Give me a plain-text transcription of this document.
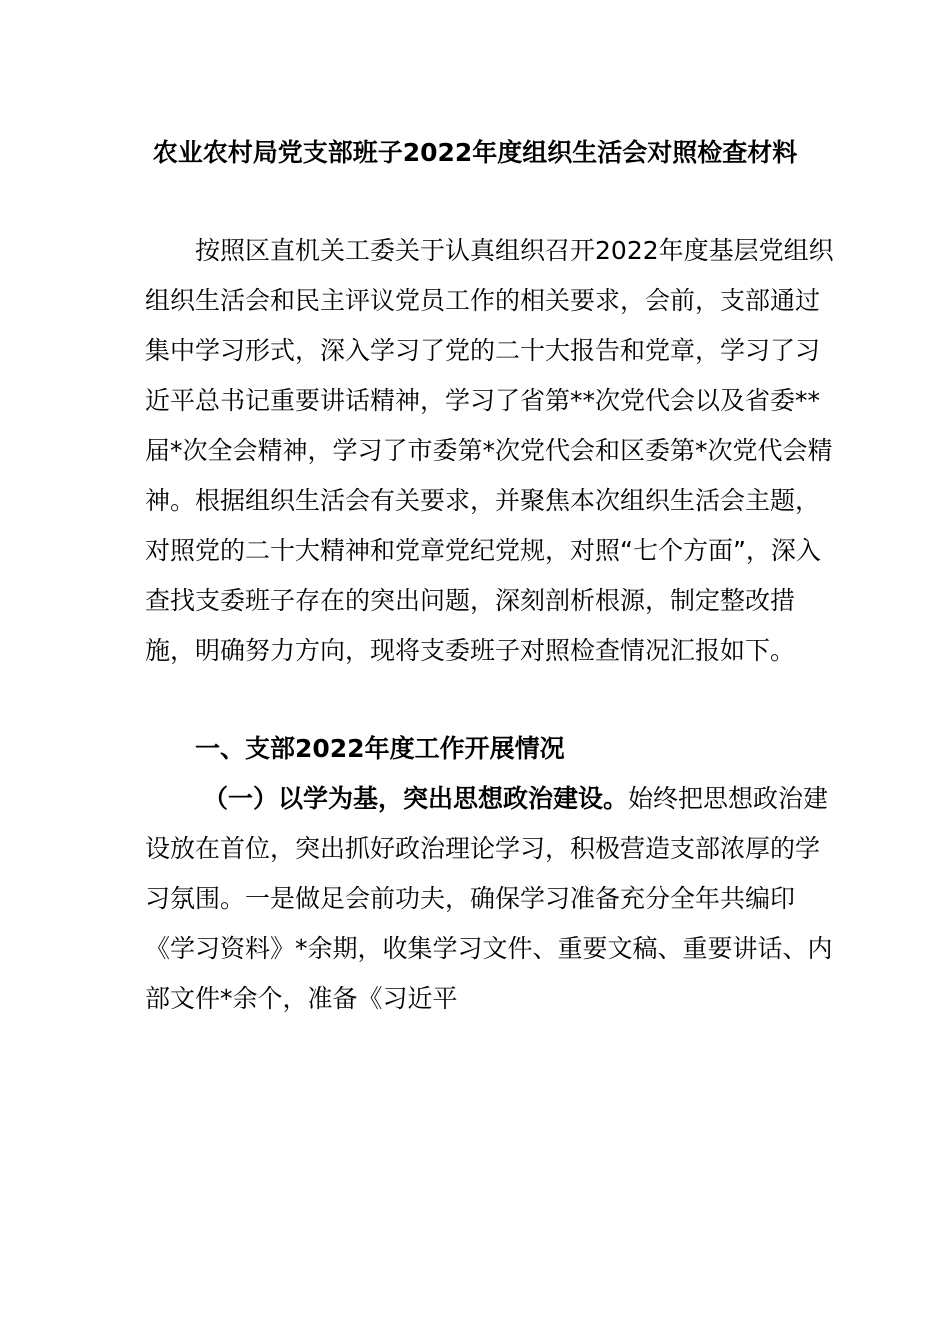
农业农村局党支部班子2022年度组织生活会对照检查材料

按照区直机关工委关于认真组织召开2022年度基层党组织组织生活会和民主评议党员工作的相关要求，会前，支部通过集中学习形式，深入学习了党的二十大报告和党章，学习了习近平总书记重要讲话精神，学习了省第**次党代会以及省委**届*次全会精神，学习了市委第*次党代会和区委第*次党代会精神。根据组织生活会有关要求，并聚焦本次组织生活会主题，对照党的二十大精神和党章党纪党规，对照“七个方面”，深入查找支委班子存在的突出问题，深刻剖析根源，制定整改措施，明确努力方向，现将支委班子对照检查情况汇报如下。

一、支部2022年度工作开展情况

（一）以学为基，突出思想政治建设。始终把思想政治建设放在首位，突出抓好政治理论学习，积极营造支部浓厚的学习氛围。一是做足会前功夫，确保学习准备充分全年共编印《学习资料》*余期，收集学习文件、重要文稿、重要讲话、内部文件*余个，准备《习近平
